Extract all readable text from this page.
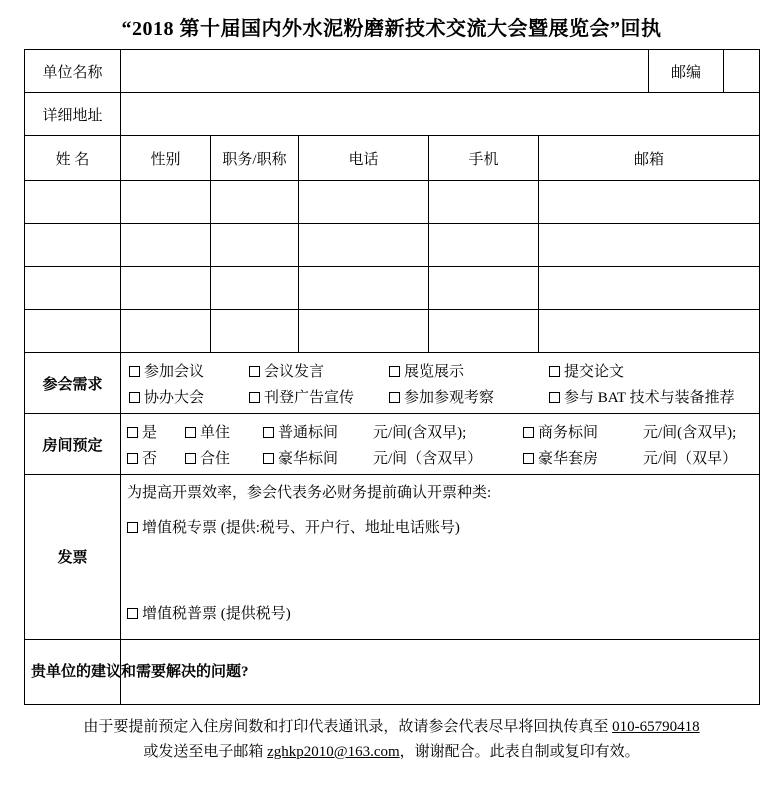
“2018 第十届国内外水泥粉磨新技术交流大会暨展览会”回执
单位名称						邮编	
详细地址							
姓 名	性别	职务/职称	电话	手机	邮箱		

参会需求	
参加会议	会议发言	展览展示	提交论文
协办大会	刊登广告宣传	参加参观考察	参与 BAT 技术与装备推荐

房间预定	
是	单住	普通标间	元/间(含双早);	商务标间	元/间(含双早);
否	合住	豪华标间	元/间（含双早）	豪华套房	元/间（双早）

发票	为提高开票效率，参会代表务必财务提前确认开票种类:

增值税专票 (提供:税号、开户行、地址电话账号)

增值税普票 (提供税号)						

贵单位的建议和需要解决的问题?							
由于要提前预定入住房间数和打印代表通讯录，故请参会代表尽早将回执传真至 010-65790418
或发送至电子邮箱 zghkp2010@163.com，谢谢配合。此表自制或复印有效。
